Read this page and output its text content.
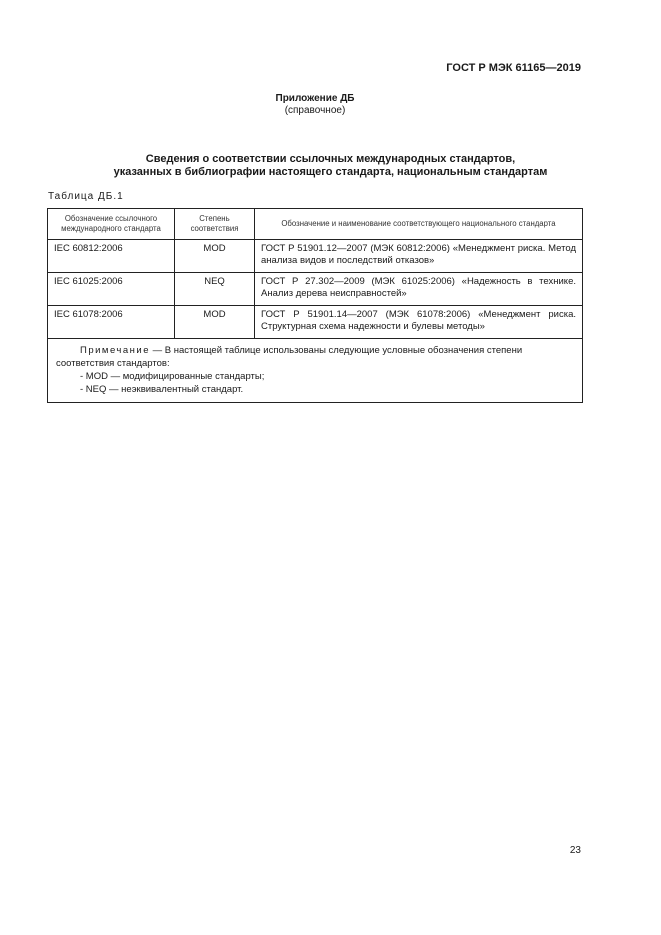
ГОСТ Р МЭК 61165—2019
Приложение ДБ
(справочное)
Сведения о соответствии ссылочных международных стандартов,
указанных в библиографии настоящего стандарта, национальным стандартам
Таблица ДБ.1
Обозначение ссылочного международного стандарта	Степень соответствия	Обозначение и наименование соответствующего национального стандарта
IEC 60812:2006	MOD	ГОСТ Р 51901.12—2007 (МЭК 60812:2006) «Менеджмент риска. Метод анализа видов и последствий отказов»
IEC 61025:2006	NEQ	ГОСТ Р 27.302—2009 (МЭК 61025:2006) «Надежность в технике. Анализ дерева неисправностей»
IEC 61078:2006	MOD	ГОСТ Р 51901.14—2007 (МЭК 61078:2006) «Менеджмент риска. Структурная схема надежности и булевы методы»

Примечание — В настоящей таблице использованы следующие условные обозначения степени соответствия стандартов:
- MOD — модифицированные стандарты;
- NEQ — неэквивалентный стандарт.		
23
